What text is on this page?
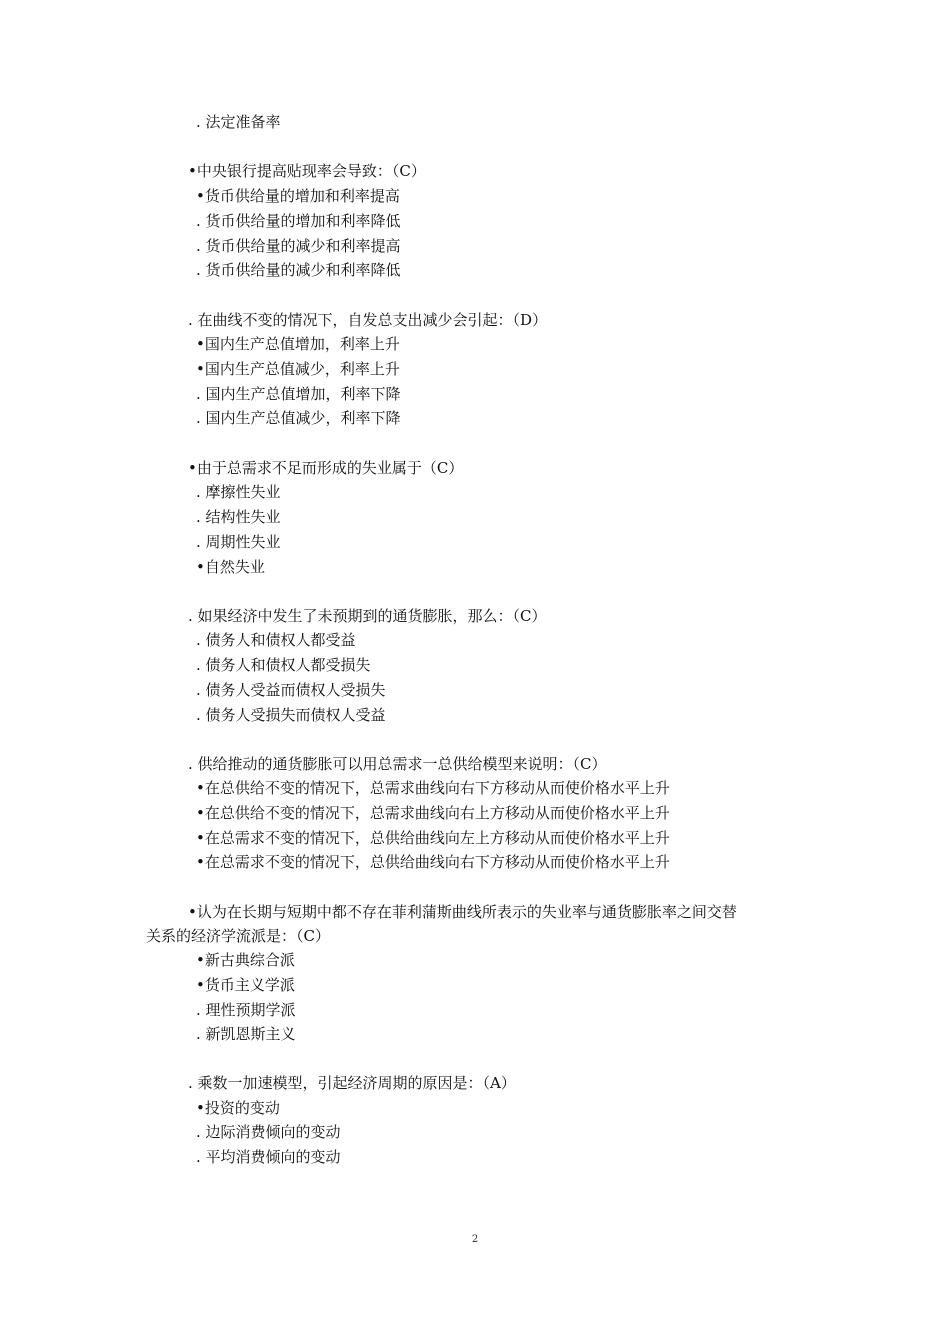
. 法定准备率
•中央银行提高贴现率会导致：（C）
•货币供给量的增加和利率提高
. 货币供给量的增加和利率降低
. 货币供给量的减少和利率提高
. 货币供给量的减少和利率降低
. 在曲线不变的情况下，自发总支出减少会引起：（D）
•国内生产总值增加，利率上升
•国内生产总值减少，利率上升
. 国内生产总值增加，利率下降
. 国内生产总值减少，利率下降
•由于总需求不足而形成的失业属于（C）
. 摩擦性失业
. 结构性失业
. 周期性失业
•自然失业
. 如果经济中发生了未预期到的通货膨胀，那么：（C）
. 债务人和债权人都受益
. 债务人和债权人都受损失
. 债务人受益而债权人受损失
. 债务人受损失而债权人受益
. 供给推动的通货膨胀可以用总需求一总供给模型来说明：（C）
•在总供给不变的情况下，总需求曲线向右下方移动从而使价格水平上升
•在总供给不变的情况下，总需求曲线向右上方移动从而使价格水平上升
•在总需求不变的情况下，总供给曲线向左上方移动从而使价格水平上升
•在总需求不变的情况下，总供给曲线向右下方移动从而使价格水平上升
•认为在长期与短期中都不存在菲利蒲斯曲线所表示的失业率与通货膨胀率之间交替
关系的经济学流派是：（C）
•新古典综合派
•货币主义学派
. 理性预期学派
. 新凯恩斯主义
. 乘数一加速模型，引起经济周期的原因是：（A）
•投资的变动
. 边际消费倾向的变动
. 平均消费倾向的变动
2
